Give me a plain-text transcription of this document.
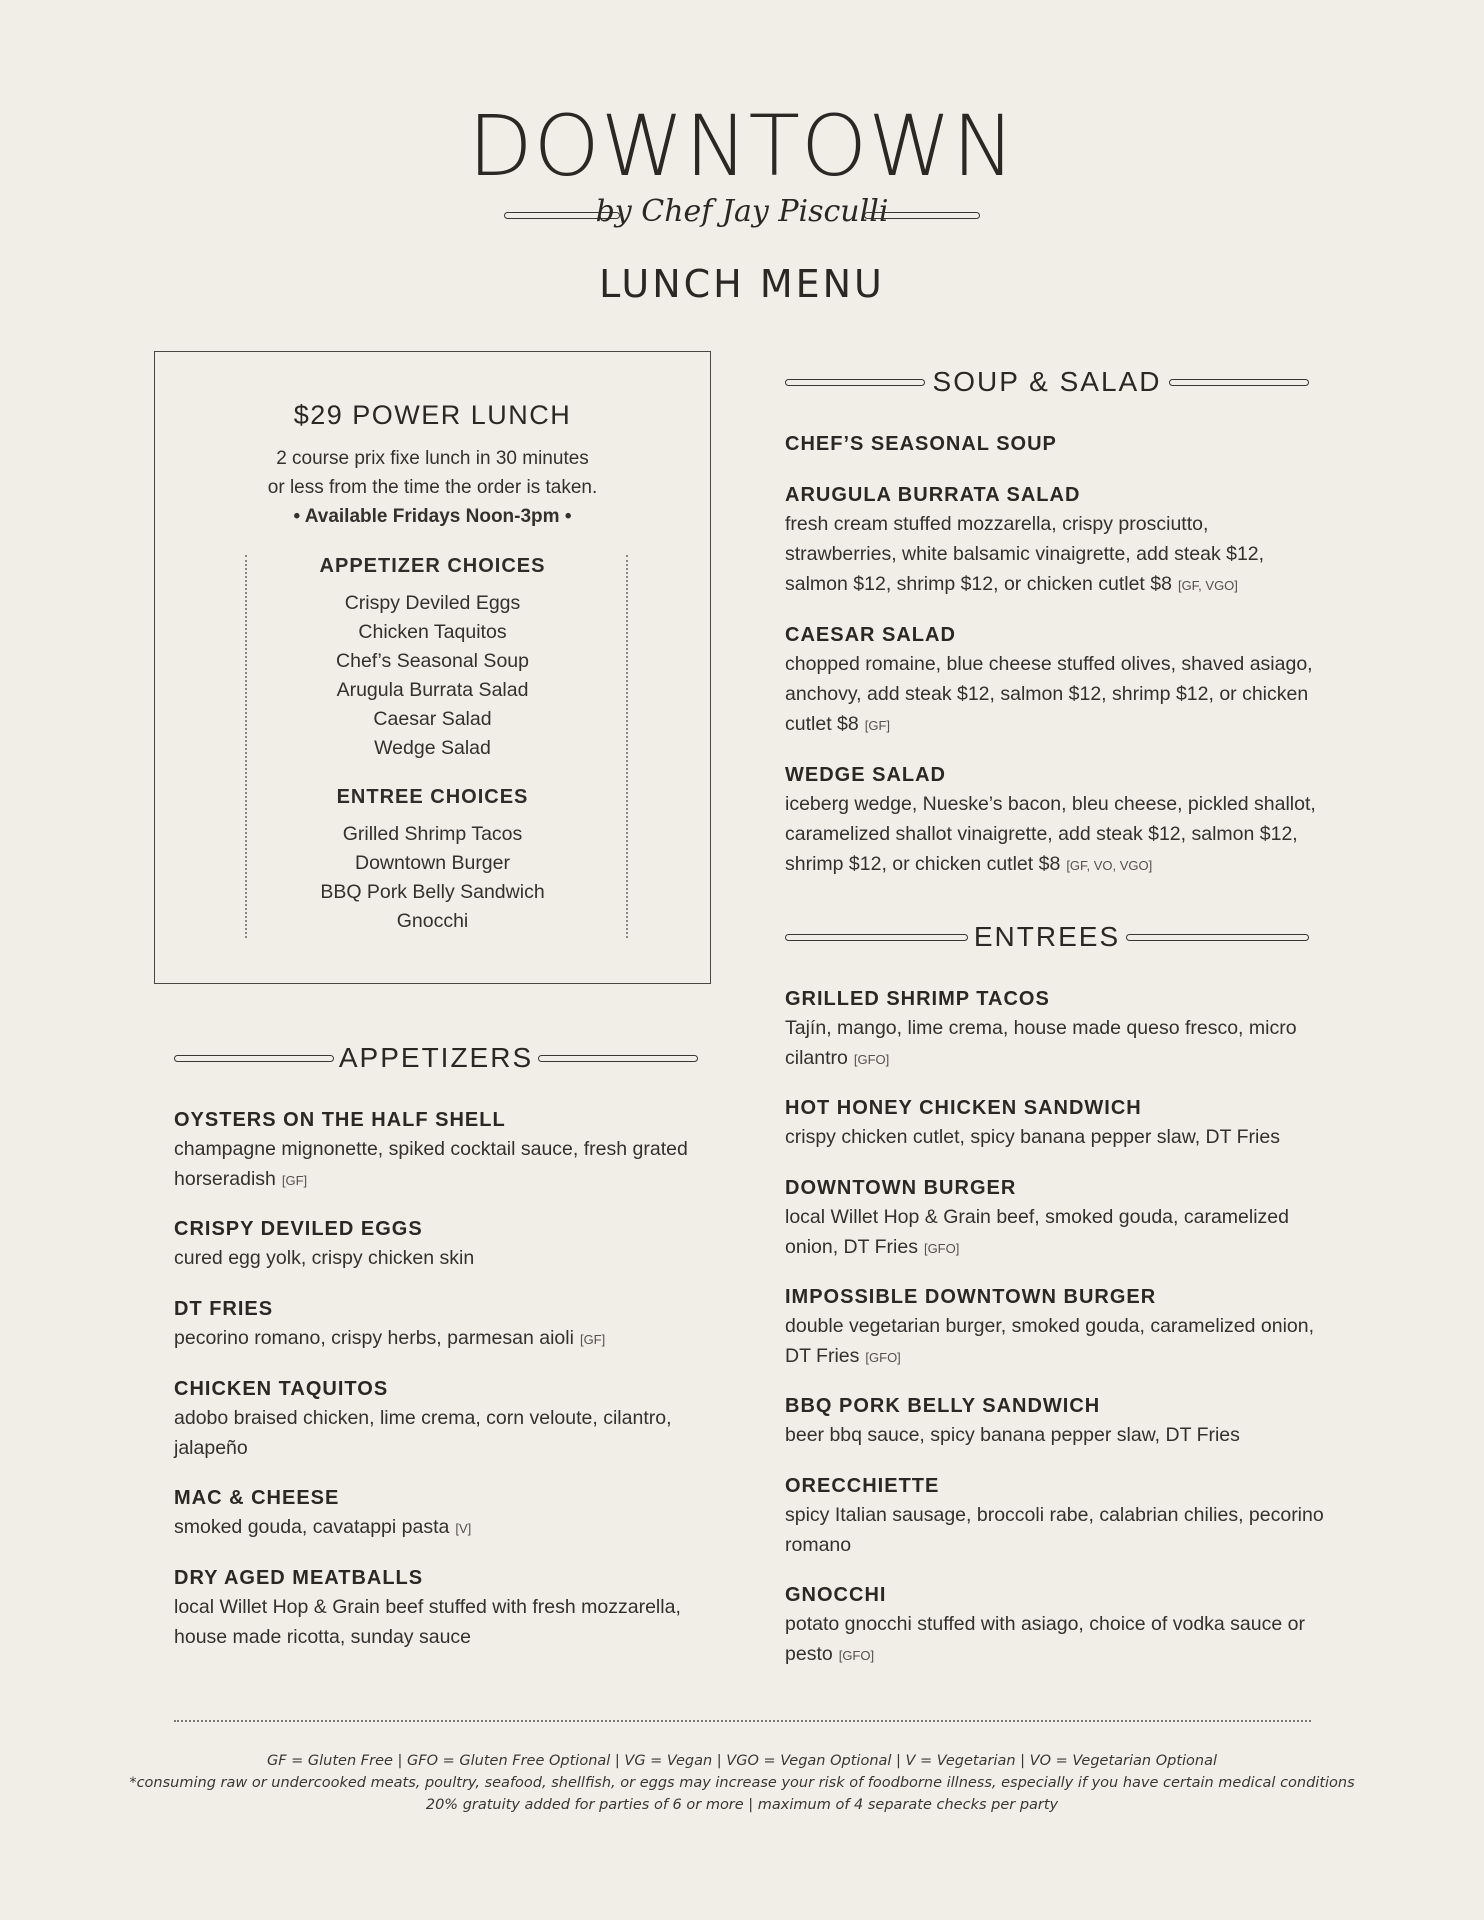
DOWNTOWN
by Chef Jay Pisculli
LUNCH MENU
$29 POWER LUNCH
2 course prix fixe lunch in 30 minutes
or less from the time the order is taken.
• Available Fridays Noon-3pm •
APPETIZER CHOICES
Crispy Deviled Eggs
Chicken Taquitos
Chef’s Seasonal Soup
Arugula Burrata Salad
Caesar Salad
Wedge Salad
ENTREE CHOICES
Grilled Shrimp Tacos
Downtown Burger
BBQ Pork Belly Sandwich
Gnocchi
APPETIZERS
OYSTERS ON THE HALF SHELL
champagne mignonette, spiked cocktail sauce, fresh grated horseradish [GF]
CRISPY DEVILED EGGS
cured egg yolk, crispy chicken skin
DT FRIES
pecorino romano, crispy herbs, parmesan aioli [GF]
CHICKEN TAQUITOS
adobo braised chicken, lime crema, corn veloute, cilantro, jalapeño
MAC & CHEESE
smoked gouda, cavatappi pasta [V]
DRY AGED MEATBALLS
local Willet Hop & Grain beef stuffed with fresh mozzarella, house made ricotta, sunday sauce
SOUP & SALAD
CHEF’S SEASONAL SOUP
ARUGULA BURRATA SALAD
fresh cream stuffed mozzarella, crispy prosciutto, strawberries, white balsamic vinaigrette, add steak $12, salmon $12, shrimp $12, or chicken cutlet $8 [GF, VGO]
CAESAR SALAD
chopped romaine, blue cheese stuffed olives, shaved asiago, anchovy, add steak $12, salmon $12, shrimp $12, or chicken cutlet $8 [GF]
WEDGE SALAD
iceberg wedge, Nueske’s bacon, bleu cheese, pickled shallot, caramelized shallot vinaigrette, add steak $12, salmon $12, shrimp $12, or chicken cutlet $8 [GF, VO, VGO]
ENTREES
GRILLED SHRIMP TACOS
Tajín, mango, lime crema, house made queso fresco, micro cilantro [GFO]
HOT HONEY CHICKEN SANDWICH
crispy chicken cutlet, spicy banana pepper slaw, DT Fries
DOWNTOWN BURGER
local Willet Hop & Grain beef, smoked gouda, caramelized onion, DT Fries [GFO]
IMPOSSIBLE DOWNTOWN BURGER
double vegetarian burger, smoked gouda, caramelized onion, DT Fries [GFO]
BBQ PORK BELLY SANDWICH
beer bbq sauce, spicy banana pepper slaw, DT Fries
ORECCHIETTE
spicy Italian sausage, broccoli rabe, calabrian chilies, pecorino romano
GNOCCHI
potato gnocchi stuffed with asiago, choice of vodka sauce or pesto [GFO]
GF = Gluten Free | GFO = Gluten Free Optional | VG = Vegan | VGO = Vegan Optional | V = Vegetarian | VO = Vegetarian Optional
*consuming raw or undercooked meats, poultry, seafood, shellfish, or eggs may increase your risk of foodborne illness, especially if you have certain medical conditions
20% gratuity added for parties of 6 or more | maximum of 4 separate checks per party
